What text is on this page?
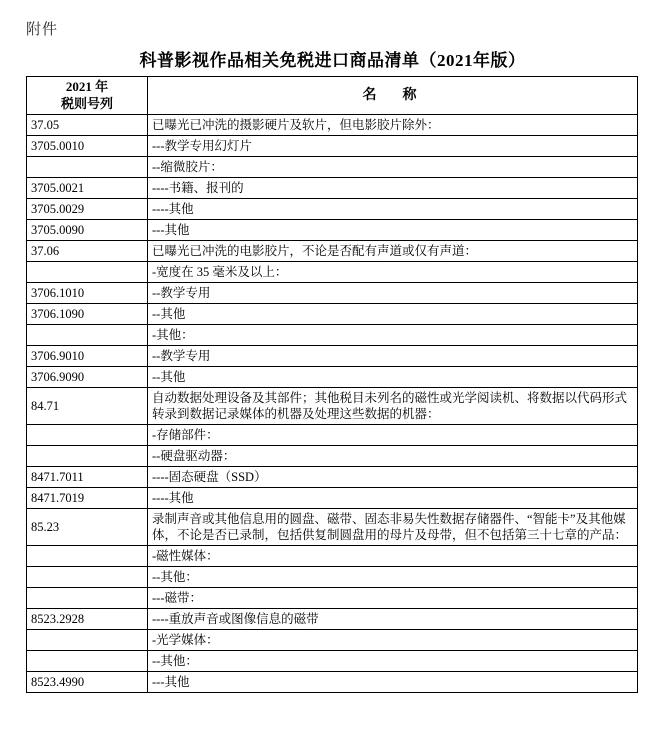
附件
科普影视作品相关免税进口商品清单（2021年版）
2021 年
税则号列	名　称
37.05	已曝光已冲洗的摄影硬片及软片，但电影胶片除外：
3705.0010	---教学专用幻灯片
	--缩微胶片：
3705.0021	----书籍、报刊的
3705.0029	----其他
3705.0090	---其他
37.06	已曝光已冲洗的电影胶片，不论是否配有声道或仅有声道：
	-宽度在 35 毫米及以上：
3706.1010	--教学专用
3706.1090	--其他
	-其他：
3706.9010	--教学专用
3706.9090	--其他
84.71	自动数据处理设备及其部件；其他税目未列名的磁性或光学阅读机、将数据以代码形式转录到数据记录媒体的机器及处理这些数据的机器：
	-存储部件：
	--硬盘驱动器：
8471.7011	----固态硬盘（SSD）
8471.7019	----其他
85.23	录制声音或其他信息用的圆盘、磁带、固态非易失性数据存储器件、“智能卡”及其他媒体，不论是否已录制，包括供复制圆盘用的母片及母带，但不包括第三十七章的产品：
	-磁性媒体：
	--其他：
	---磁带：
8523.2928	----重放声音或图像信息的磁带
	-光学媒体：
	--其他：
8523.4990	---其他
